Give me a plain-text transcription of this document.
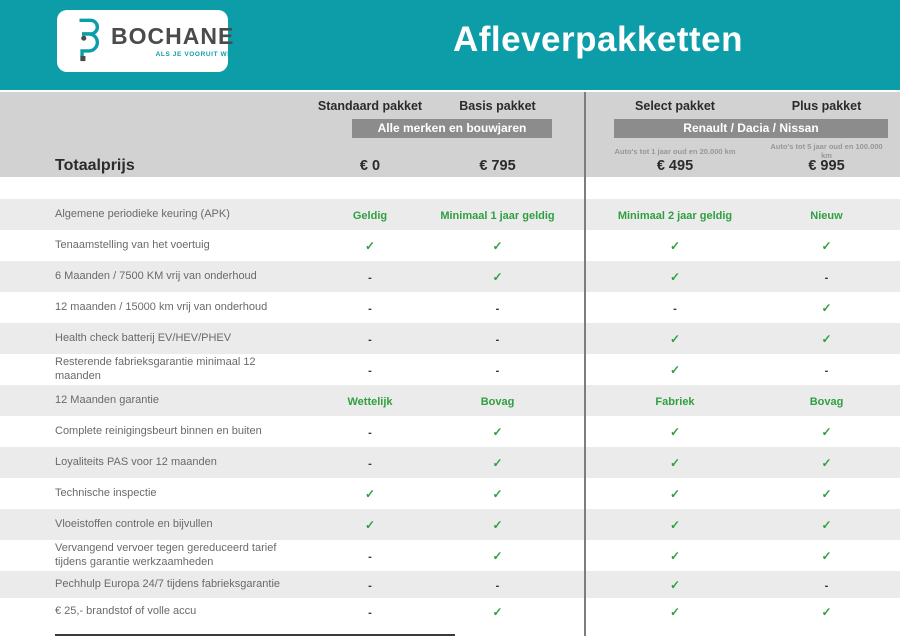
BOCHANE
ALS JE VOORUIT WIL	Afleverpakketten
Standaard pakket	Basis pakket	Select pakket	Plus pakket
Alle merken en bouwjaren	Renault / Dacia / Nissan
Auto's tot 1 jaar oud en 20.000 km	Auto's tot 5 jaar oud en 100.000 km
Totaalprijs	€ 0	€ 795	€ 495	€ 995
Algemene periodieke keuring (APK)	Geldig	Minimaal 1 jaar geldig	Minimaal 2 jaar geldig	Nieuw
Tenaamstelling van het voertuig	✓	✓	✓	✓
6 Maanden / 7500 KM vrij van onderhoud	-	✓	✓	-
12 maanden / 15000 km vrij van onderhoud	-	-	-	✓
Health check batterij EV/HEV/PHEV	-	-	✓	✓
Resterende fabrieksgarantie minimaal 12 maanden	-	-	✓	-
12 Maanden garantie	Wettelijk	Bovag	Fabriek	Bovag
Complete reinigingsbeurt binnen en buiten	-	✓	✓	✓
Loyaliteits PAS voor 12 maanden	-	✓	✓	✓
Technische inspectie	✓	✓	✓	✓
Vloeistoffen controle en bijvullen	✓	✓	✓	✓
Vervangend vervoer tegen gereduceerd tarief tijdens garantie werkzaamheden	-	✓	✓	✓
Pechhulp Europa 24/7 tijdens fabrieksgarantie	-	-	✓	-
€ 25,- brandstof of volle accu	-	✓	✓	✓
